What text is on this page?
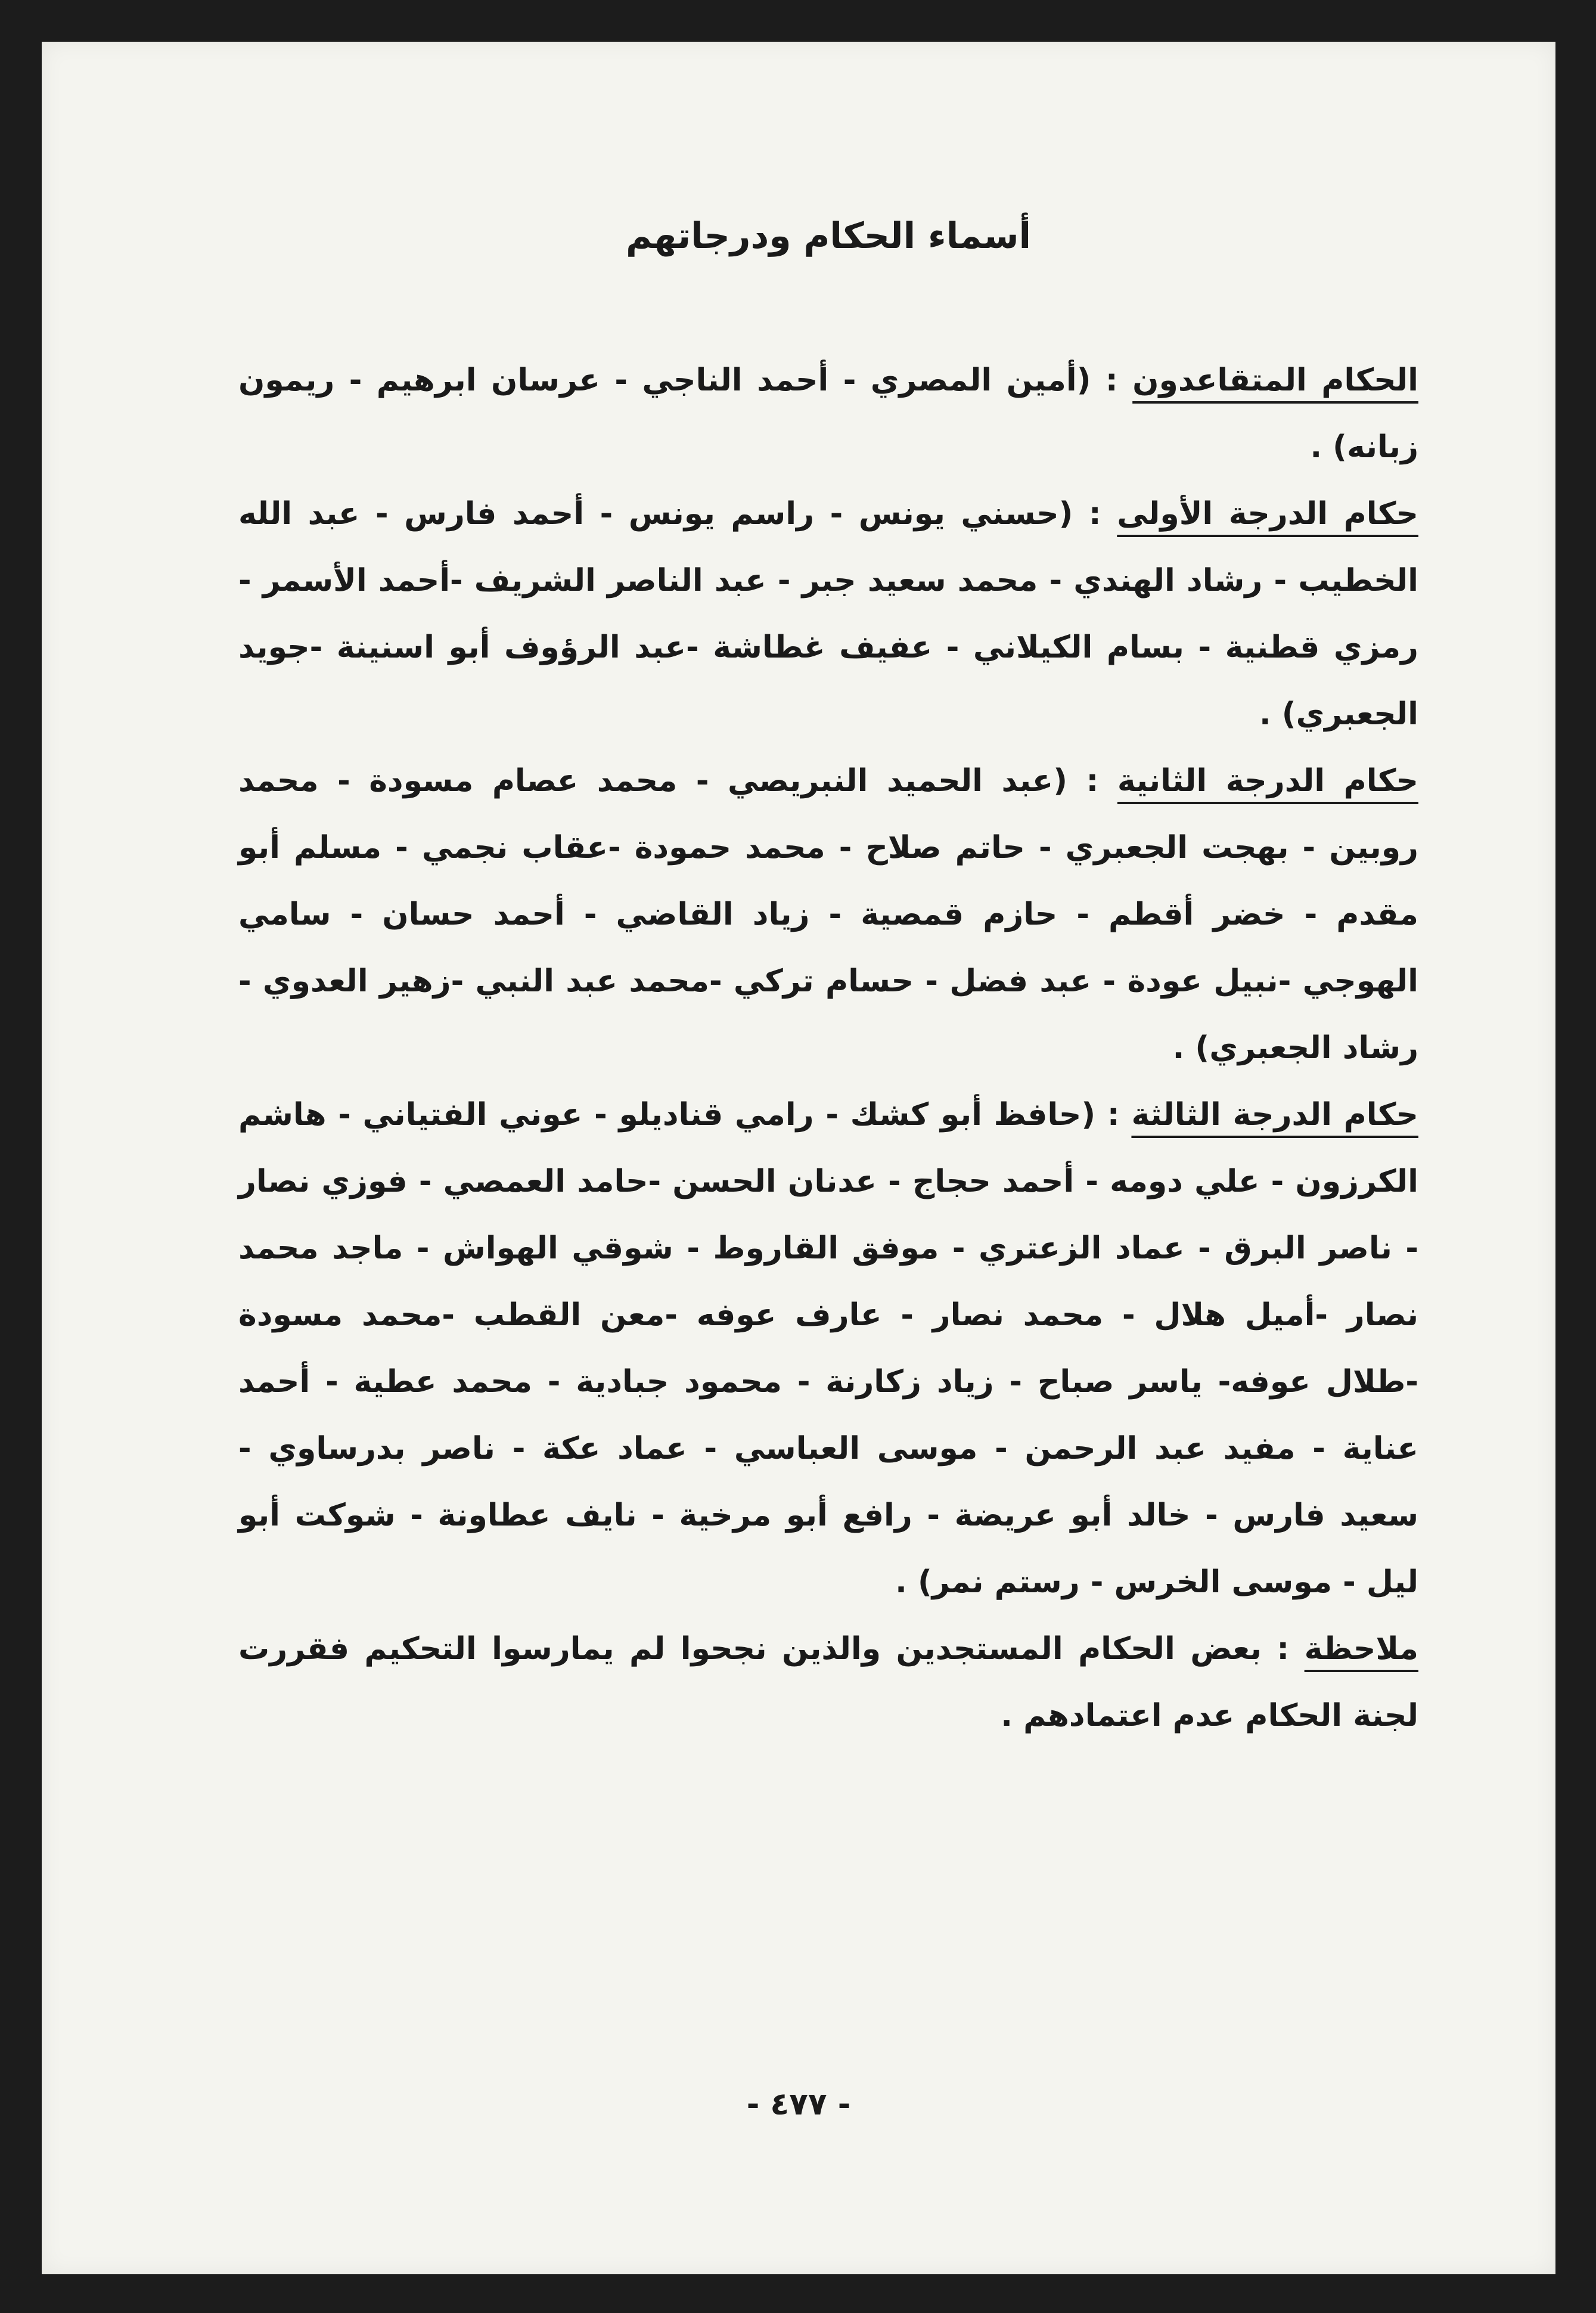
أسماء الحكام ودرجاتهم

الحكام المتقاعدون : (أمين المصري - أحمد الناجي - عرسان ابرهيم - ريمون زبانه) .

حكام الدرجة الأولى : (حسني يونس - راسم يونس - أحمد فارس - عبد الله الخطيب - رشاد الهندي - محمد سعيد جبر - عبد الناصر الشريف -أحمد الأسمر - رمزي قطنية - بسام الكيلاني - عفيف غطاشة -عبد الرؤوف أبو اسنينة -جويد الجعبري) .

حكام الدرجة الثانية : (عبد الحميد النبريصي - محمد عصام مسودة - محمد روبين - بهجت الجعبري - حاتم صلاح - محمد حمودة -عقاب نجمي - مسلم أبو مقدم - خضر أقطم - حازم قمصية - زياد القاضي - أحمد حسان - سامي الهوجي -نبيل عودة - عبد فضل - حسام تركي -محمد عبد النبي -زهير العدوي - رشاد الجعبري) .

حكام الدرجة الثالثة : (حافظ أبو كشك - رامي قناديلو - عوني الفتياني - هاشم الكرزون - علي دومه - أحمد حجاج - عدنان الحسن -حامد العمصي - فوزي نصار - ناصر البرق - عماد الزعتري - موفق القاروط - شوقي الهواش - ماجد محمد نصار -أميل هلال - محمد نصار - عارف عوفه -معن القطب -محمد مسودة -طلال عوفه- ياسر صباح - زياد زكارنة - محمود جبادية - محمد عطية - أحمد عناية - مفيد عبد الرحمن - موسى العباسي - عماد عكة - ناصر بدرساوي - سعيد فارس - خالد أبو عريضة - رافع أبو مرخية - نايف عطاونة - شوكت أبو ليل - موسى الخرس - رستم نمر) .

ملاحظة : بعض الحكام المستجدين والذين نجحوا لم يمارسوا التحكيم فقررت لجنة الحكام عدم اعتمادهم .

- ٤٧٧ -
